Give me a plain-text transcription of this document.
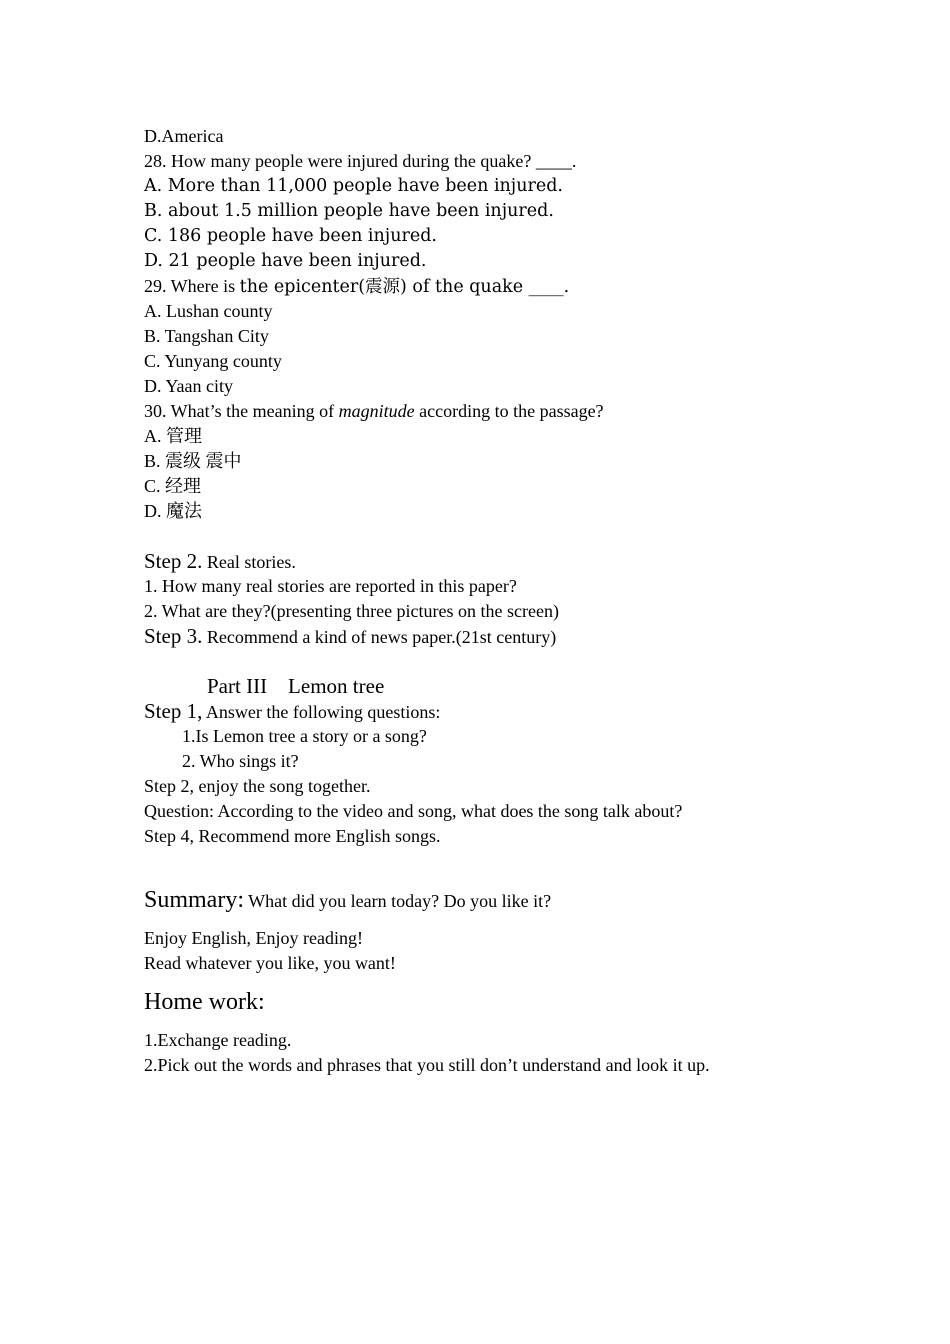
D.America
28. How many people were injured during the quake? ____.
A. More than 11,000 people have been injured.
B. about 1.5 million people have been injured.
C. 186 people have been injured.
D. 21 people have been injured.
29. Where is the epicenter(震源) of the quake ____.
A. Lushan county
B. Tangshan City
C. Yunyang county
D. Yaan city
30. What’s the meaning of magnitude according to the passage?
A. 管理
B. 震级 震中
C. 经理
D. 魔法
Step 2. Real stories.
1. How many real stories are reported in this paper?
2. What are they?(presenting three pictures on the screen)
Step 3. Recommend a kind of news paper.(21st century)
Part III    Lemon tree
Step 1, Answer the following questions:
1.Is Lemon tree a story or a song?
2. Who sings it?
Step 2, enjoy the song together.
Question: According to the video and song, what does the song talk about?
Step 4, Recommend more English songs.
Summary: What did you learn today? Do you like it?
Enjoy English, Enjoy reading!
Read whatever you like, you want!
Home work:
1.Exchange reading.
2.Pick out the words and phrases that you still don’t understand and look it up.
